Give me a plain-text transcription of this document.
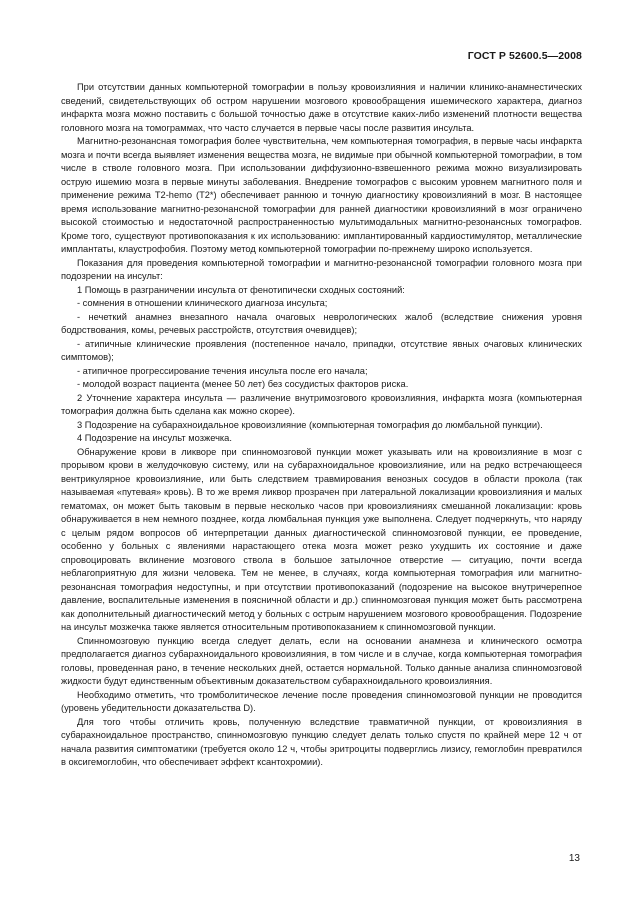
ГОСТ Р 52600.5—2008

При отсутствии данных компьютерной томографии в пользу кровоизлияния и наличии клинико-анамнестических сведений, свидетельствующих об остром нарушении мозгового кровообращения ишемического характера, диагноз инфаркта мозга можно поставить с большой точностью даже в отсутствие каких-либо изменений плотности вещества головного мозга на томограммах, что часто случается в первые часы после развития инсульта.

Магнитно-резонансная томография более чувствительна, чем компьютерная томография, в первые часы инфаркта мозга и почти всегда выявляет изменения вещества мозга, не видимые при обычной компьютерной томографии, в том числе в стволе головного мозга. При использовании диффузионно-взвешенного режима можно визуализировать острую ишемию мозга в первые минуты заболевания. Внедрение томографов с высоким уровнем магнитного поля и применение режима Т2-hemo (Т2*) обеспечивает раннюю и точную диагностику кровоизлияний в мозг. В настоящее время использование магнитно-резонансной томографии для ранней диагностики кровоизлияний в мозг ограничено высокой стоимостью и недостаточной распространенностью мультимодальных магнитно-резонансных томографов. Кроме того, существуют противопоказания к их использованию: имплантированный кардиостимулятор, металлические имплантаты, клаустрофобия. Поэтому метод компьютерной томографии по-прежнему широко используется.

Показания для проведения компьютерной томографии и магнитно-резонансной томографии головного мозга при подозрении на инсульт:

1 Помощь в разграничении инсульта от фенотипически сходных состояний:

- сомнения в отношении клинического диагноза инсульта;

- нечеткий анамнез внезапного начала очаговых неврологических жалоб (вследствие снижения уровня бодрствования, комы, речевых расстройств, отсутствия очевидцев);

- атипичные клинические проявления (постепенное начало, припадки, отсутствие явных очаговых клинических симптомов);

- атипичное прогрессирование течения инсульта после его начала;

- молодой возраст пациента (менее 50 лет) без сосудистых факторов риска.

2 Уточнение характера инсульта — различение внутримозгового кровоизлияния, инфаркта мозга (компьютерная томография должна быть сделана как можно скорее).

3 Подозрение на субарахноидальное кровоизлияние (компьютерная томография до люмбальной пункции).

4 Подозрение на инсульт мозжечка.

Обнаружение крови в ликворе при спинномозговой пункции может указывать или на кровоизлияние в мозг с прорывом крови в желудочковую систему, или на субарахноидальное кровоизлияние, или на редко встречающееся вентрикулярное кровоизлияние, или быть следствием травмирования венозных сосудов в области прокола (так называемая «путевая» кровь). В то же время ликвор прозрачен при латеральной локализации кровоизлияния и малых гематомах, он может быть таковым в первые несколько часов при кровоизлияниях смешанной локализации: кровь обнаруживается в нем немного позднее, когда люмбальная пункция уже выполнена. Следует подчеркнуть, что наряду с целым рядом вопросов об интерпретации данных диагностической спинномозговой пункции, ее проведение, особенно у больных с явлениями нарастающего отека мозга может резко ухудшить их состояние и даже спровоцировать вклинение мозгового ствола в большое затылочное отверстие — ситуацию, почти всегда неблагоприятную для жизни человека. Тем не менее, в случаях, когда компьютерная томография или магнитно-резонансная томография недоступны, и при отсутствии противопоказаний (подозрение на высокое внутричерепное давление, воспалительные изменения в поясничной области и др.) спинномозговая пункция может быть рассмотрена как дополнительный диагностический метод у больных с острым нарушением мозгового кровообращения. Подозрение на инсульт мозжечка также является относительным противопоказанием к спинномозговой пункции.

Спинномозговую пункцию всегда следует делать, если на основании анамнеза и клинического осмотра предполагается диагноз субарахноидального кровоизлияния, в том числе и в случае, когда компьютерная томография головы, проведенная рано, в течение нескольких дней, остается нормальной. Только данные анализа спинномозговой жидкости будут единственным объективным доказательством субарахноидального кровоизлияния.

Необходимо отметить, что тромболитическое лечение после проведения спинномозговой пункции не проводится (уровень убедительности доказательства D).

Для того чтобы отличить кровь, полученную вследствие травматичной пункции, от кровоизлияния в субарахноидальное пространство, спинномозговую пункцию следует делать только спустя по крайней мере 12 ч от начала развития симптоматики (требуется около 12 ч, чтобы эритроциты подверглись лизису, гемоглобин превратился в оксигемоглобин, что обеспечивает эффект ксантохромии).

13
